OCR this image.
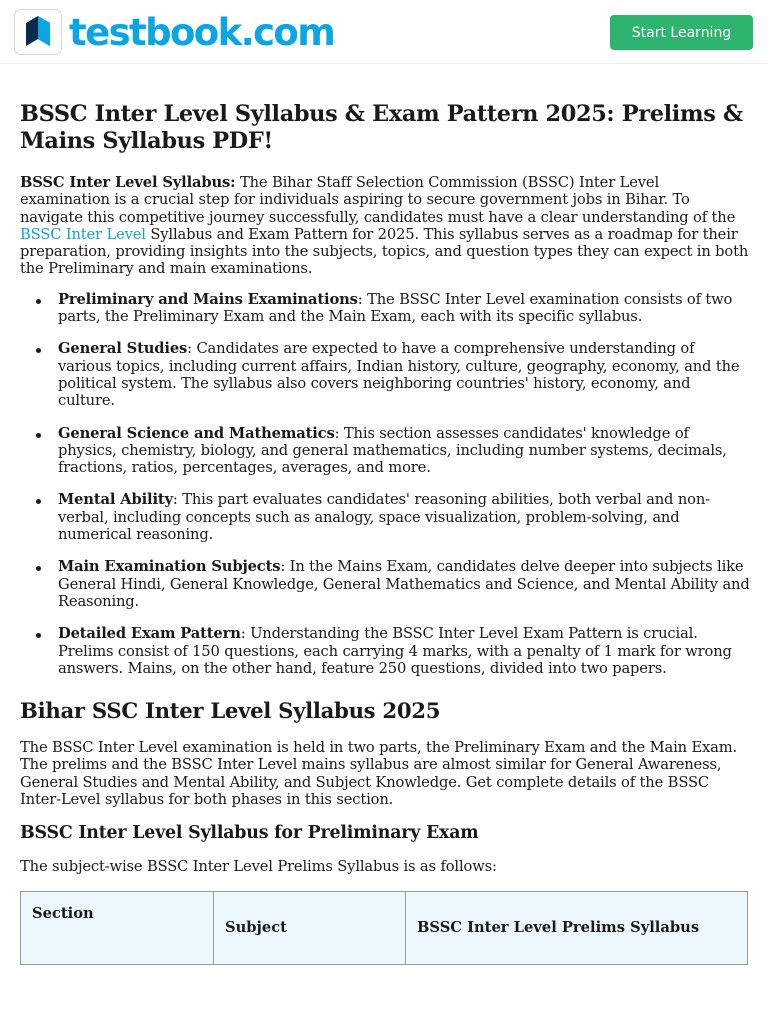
testbook.com	Start Learning
BSSC Inter Level Syllabus & Exam Pattern 2025: Prelims & Mains Syllabus PDF!

BSSC Inter Level Syllabus: The Bihar Staff Selection Commission (BSSC) Inter Level examination is a crucial step for individuals aspiring to secure government jobs in Bihar. To navigate this competitive journey successfully, candidates must have a clear understanding of the BSSC Inter Level Syllabus and Exam Pattern for 2025. This syllabus serves as a roadmap for their preparation, providing insights into the subjects, topics, and question types they can expect in both the Preliminary and main examinations.

Preliminary and Mains Examinations: The BSSC Inter Level examination consists of two parts, the Preliminary Exam and the Main Exam, each with its specific syllabus.

General Studies: Candidates are expected to have a comprehensive understanding of various topics, including current affairs, Indian history, culture, geography, economy, and the political system. The syllabus also covers neighboring countries' history, economy, and culture.

General Science and Mathematics: This section assesses candidates' knowledge of physics, chemistry, biology, and general mathematics, including number systems, decimals, fractions, ratios, percentages, averages, and more.

Mental Ability: This part evaluates candidates' reasoning abilities, both verbal and non-verbal, including concepts such as analogy, space visualization, problem-solving, and numerical reasoning.

Main Examination Subjects: In the Mains Exam, candidates delve deeper into subjects like General Hindi, General Knowledge, General Mathematics and Science, and Mental Ability and Reasoning.

Detailed Exam Pattern: Understanding the BSSC Inter Level Exam Pattern is crucial. Prelims consist of 150 questions, each carrying 4 marks, with a penalty of 1 mark for wrong answers. Mains, on the other hand, feature 250 questions, divided into two papers.

Bihar SSC Inter Level Syllabus 2025

The BSSC Inter Level examination is held in two parts, the Preliminary Exam and the Main Exam. The prelims and the BSSC Inter Level mains syllabus are almost similar for General Awareness, General Studies and Mental Ability, and Subject Knowledge. Get complete details of the BSSC Inter-Level syllabus for both phases in this section.

BSSC Inter Level Syllabus for Preliminary Exam

The subject-wise BSSC Inter Level Prelims Syllabus is as follows:

Section	Subject	BSSC Inter Level Prelims Syllabus
